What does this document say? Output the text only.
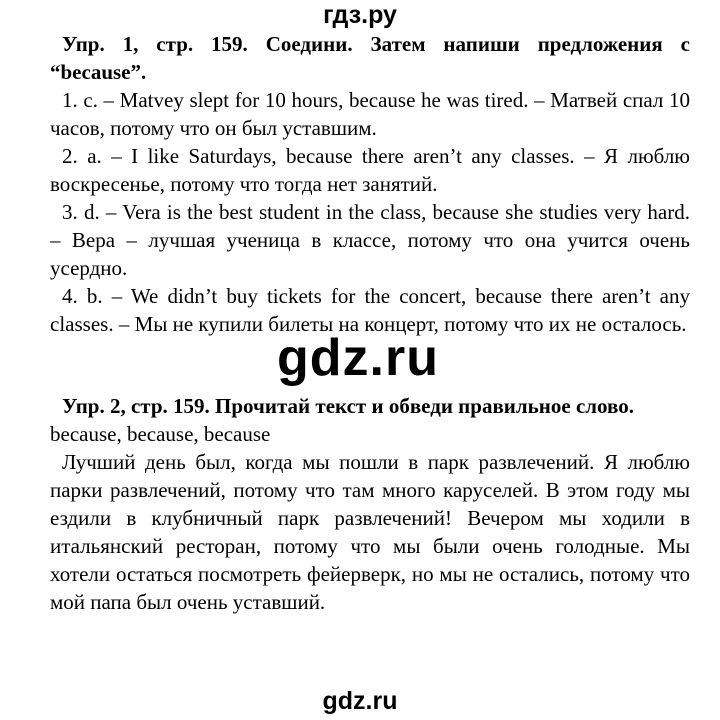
гдз.ру

Упр. 1, стр. 159. Соедини. Затем напиши предложения с “because”.

1. c. – Matvey slept for 10 hours, because he was tired. – Матвей спал 10 часов, потому что он был уставшим.

2. a. – I like Saturdays, because there aren’t any classes. – Я люблю воскресенье, потому что тогда нет занятий.

3. d. – Vera is the best student in the class, because she studies very hard. – Вера – лучшая ученица в классе, потому что она учится очень усердно.

4. b. – We didn’t buy tickets for the concert, because there aren’t any classes. – Мы не купили билеты на концерт, потому что их не осталось.

gdz.ru

Упр. 2, стр. 159. Прочитай текст и обведи правильное слово.

because, because, because

Лучший день был, когда мы пошли в парк развлечений. Я люблю парки развлечений, потому что там много каруселей. В этом году мы ездили в клубничный парк развлечений! Вечером мы ходили в итальянский ресторан, потому что мы были очень голодные. Мы хотели остаться посмотреть фейерверк, но мы не остались, потому что мой папа был очень уставший.

gdz.ru
